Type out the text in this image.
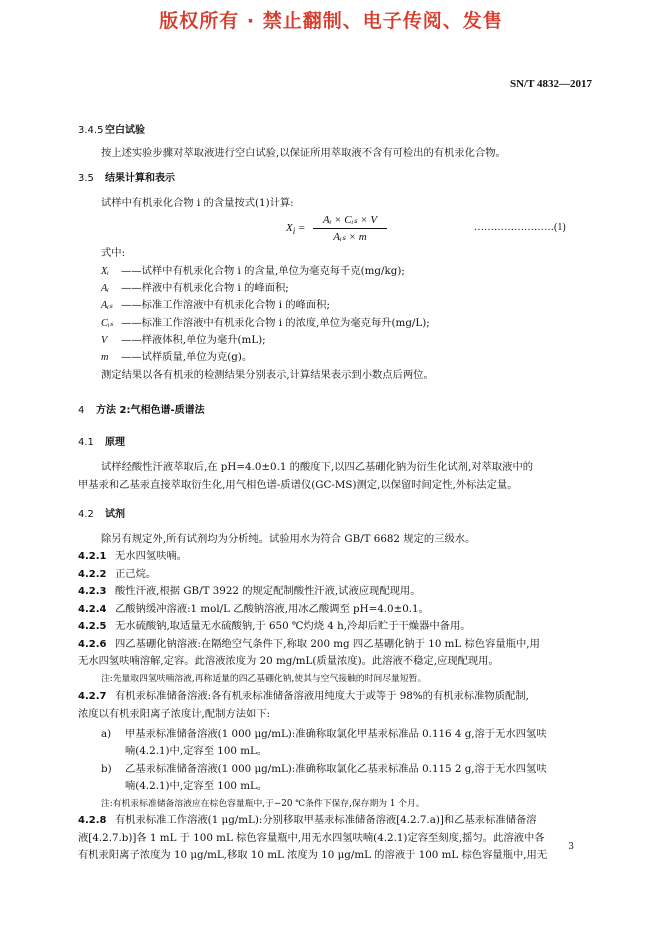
版权所有 · 禁止翻制、电子传阅、发售
SN/T 4832—2017
3.4.5 空白试验
按上述实验步骤对萃取液进行空白试验,以保证所用萃取液不含有可检出的有机汞化合物。
3.5 结果计算和表示
试样中有机汞化合物 i 的含量按式(1)计算:
$X_i$ =
Aᵢ × Cᵢₛ × V
Aᵢₛ × m
……………………(1)
式中:
Xᵢ ——试样中有机汞化合物 i 的含量,单位为毫克每千克(mg/kg);
Aᵢ ——样液中有机汞化合物 i 的峰面积;
Aᵢₛ ——标准工作溶液中有机汞化合物 i 的峰面积;
Cᵢₛ ——标准工作溶液中有机汞化合物 i 的浓度,单位为毫克每升(mg/L);
V ——样液体积,单位为毫升(mL);
m ——试样质量,单位为克(g)。
测定结果以各有机汞的检测结果分别表示,计算结果表示到小数点后两位。
4 方法 2:气相色谱-质谱法
4.1 原理
试样经酸性汗液萃取后,在 pH=4.0±0.1 的酸度下,以四乙基硼化钠为衍生化试剂,对萃取液中的
甲基汞和乙基汞直接萃取衍生化,用气相色谱-质谱仪(GC-MS)测定,以保留时间定性,外标法定量。
4.2 试剂
除另有规定外,所有试剂均为分析纯。试验用水为符合 GB/T 6682 规定的三级水。
4.2.1 无水四氢呋喃。
4.2.2 正己烷。
4.2.3 酸性汗液,根据 GB/T 3922 的规定配制酸性汗液,试液应现配现用。
4.2.4 乙酸钠缓冲溶液:1 mol/L 乙酸钠溶液,用冰乙酸调至 pH=4.0±0.1。
4.2.5 无水硫酸钠,取适量无水硫酸钠,于 650 ℃灼烧 4 h,冷却后贮于干燥器中备用。
4.2.6 四乙基硼化钠溶液:在隔绝空气条件下,称取 200 mg 四乙基硼化钠于 10 mL 棕色容量瓶中,用
无水四氢呋喃溶解,定容。此溶液浓度为 20 mg/mL(质量浓度)。此溶液不稳定,应现配现用。
注:先量取四氢呋喃溶液,再称适量的四乙基硼化钠,使其与空气接触的时间尽量短暂。
4.2.7 有机汞标准储备溶液:各有机汞标准储备溶液用纯度大于或等于 98%的有机汞标准物质配制,
浓度以有机汞阳离子浓度计,配制方法如下:
a) 甲基汞标准储备溶液(1 000 μg/mL):准确称取氯化甲基汞标准品 0.116 4 g,溶于无水四氢呋
喃(4.2.1)中,定容至 100 mL。
b) 乙基汞标准储备溶液(1 000 μg/mL):准确称取氯化乙基汞标准品 0.115 2 g,溶于无水四氢呋
喃(4.2.1)中,定容至 100 mL。
注:有机汞标准储备溶液应在棕色容量瓶中,于−20 ℃条件下保存,保存期为 1 个月。
4.2.8 有机汞标准工作溶液(1 μg/mL):分别移取甲基汞标准储备溶液[4.2.7.a)]和乙基汞标准储备溶
液[4.2.7.b)]各 1 mL 于 100 mL 棕色容量瓶中,用无水四氢呋喃(4.2.1)定容至刻度,摇匀。此溶液中各
有机汞阳离子浓度为 10 μg/mL,移取 10 mL 浓度为 10 μg/mL 的溶液于 100 mL 棕色容量瓶中,用无
3
